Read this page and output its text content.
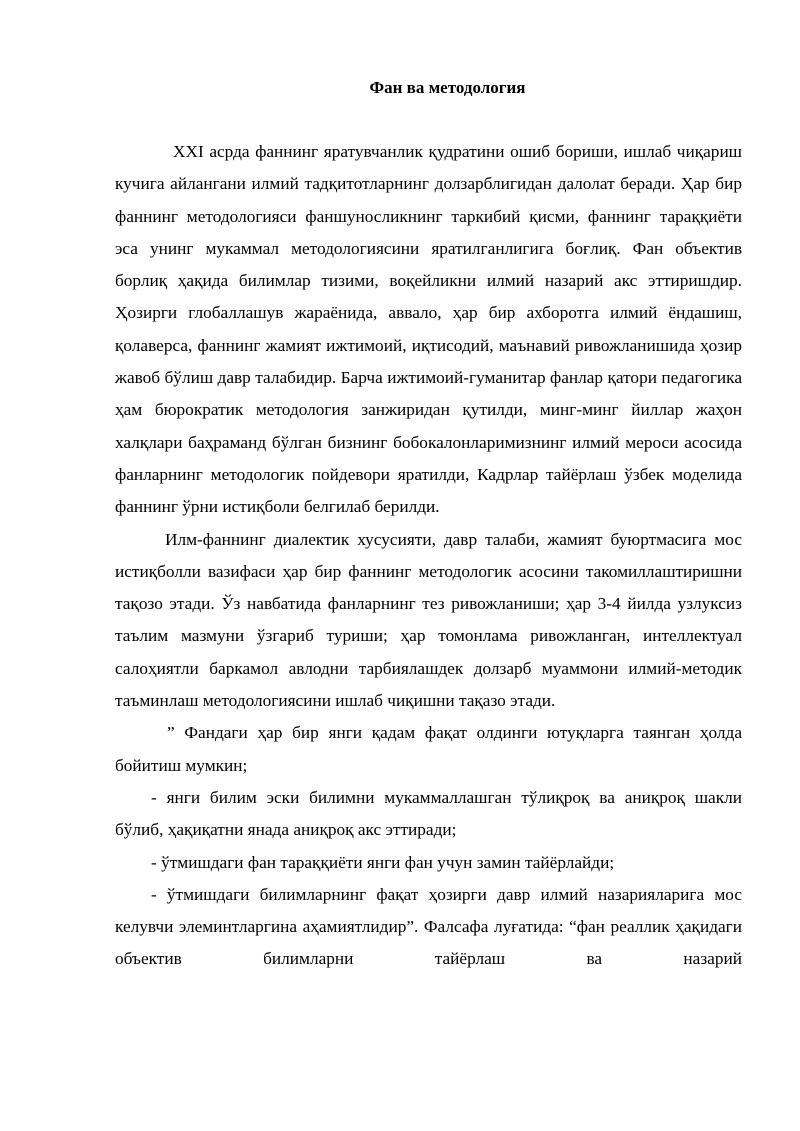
Фан ва методология

XXI асрда фаннинг яратувчанлик қудратини ошиб бориши, ишлаб чиқариш кучига айлангани илмий тадқитотларнинг долзарблигидан далолат беради. Ҳар бир фаннинг методологияси фаншуносликнинг таркибий қисми, фаннинг тараққиёти эса унинг мукаммал методологиясини яратилганлигига боғлиқ. Фан объектив борлиқ ҳақида билимлар тизими, воқейликни илмий назарий акс эттиришдир. Ҳозирги глобаллашув жараёнида, аввало, ҳар бир ахборотга илмий ёндашиш, қолаверса, фаннинг жамият ижтимоий, иқтисодий, маънавий ривожланишида ҳозир жавоб бўлиш давр талабидир. Барча ижтимоий-гуманитар фанлар қатори педагогика ҳам бюрократик методология занжиридан қутилди, минг-минг йиллар жаҳон халқлари баҳраманд бўлган бизнинг бобокалонларимизнинг илмий мероси асосида фанларнинг методологик пойдевори яратилди, Кадрлар тайёрлаш ўзбек моделида фаннинг ўрни истиқболи белгилаб берилди.

Илм-фаннинг диалектик хусусияти, давр талаби, жамият буюртмасига мос истиқболли вазифаси ҳар бир фаннинг методологик асосини такомиллаштиришни тақозо этади. Ўз навбатида фанларнинг тез ривожланиши; ҳар 3-4 йилда узлуксиз таълим мазмуни ўзгариб туриши; ҳар томонлама ривожланган, интеллектуал салоҳиятли баркамол авлодни тарбиялашдек долзарб муаммони илмий-методик таъминлаш методологиясини ишлаб чиқишни тақазо этади.

” Фандаги ҳар бир янги қадам фақат олдинги ютуқларга таянган ҳолда бойитиш мумкин;

- янги билим эски билимни мукаммаллашган тўлиқроқ ва аниқроқ шакли бўлиб, ҳақиқатни янада аниқроқ акс эттиради;

- ўтмишдаги фан тараққиёти янги фан учун замин тайёрлайди;

- ўтмишдаги билимларнинг фақат ҳозирги давр илмий назарияларига мос келувчи элеминтларгина аҳамиятлидир”. Фалсафа луғатида: “фан реаллик ҳақидаги объектив билимларни тайёрлаш ва назарий
